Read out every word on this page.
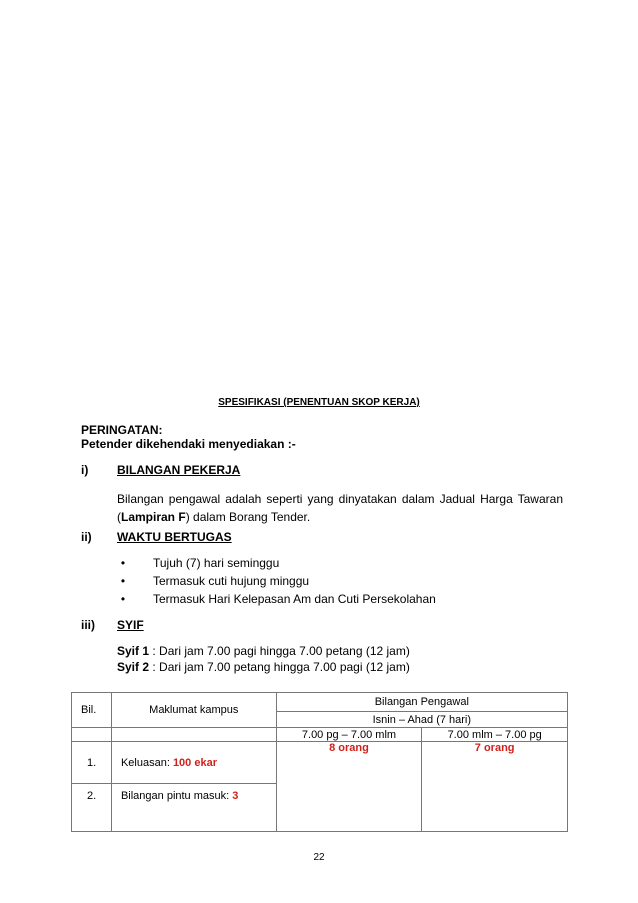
SPESIFIKASI (PENENTUAN SKOP KERJA)
PERINGATAN:
Petender dikehendaki menyediakan :-
i) BILANGAN PEKERJA
Bilangan pengawal adalah seperti yang dinyatakan dalam Jadual Harga Tawaran (Lampiran F) dalam Borang Tender.
ii) WAKTU BERTUGAS
• Tujuh (7) hari seminggu
• Termasuk cuti hujung minggu
• Termasuk Hari Kelepasan Am dan Cuti Persekolahan
iii) SYIF
Syif 1 : Dari jam 7.00 pagi hingga 7.00 petang (12 jam)
Syif 2 : Dari jam 7.00 petang hingga 7.00 pagi (12 jam)
Bil.	Maklumat kampus	Bilangan Pengawal	
		Isnin – Ahad (7 hari)	
		7.00 pg – 7.00 mlm	7.00 mlm – 7.00 pg
1.	Keluasan: 100 ekar	8 orang	7 orang
2.	Bilangan pintu masuk: 3		
22
